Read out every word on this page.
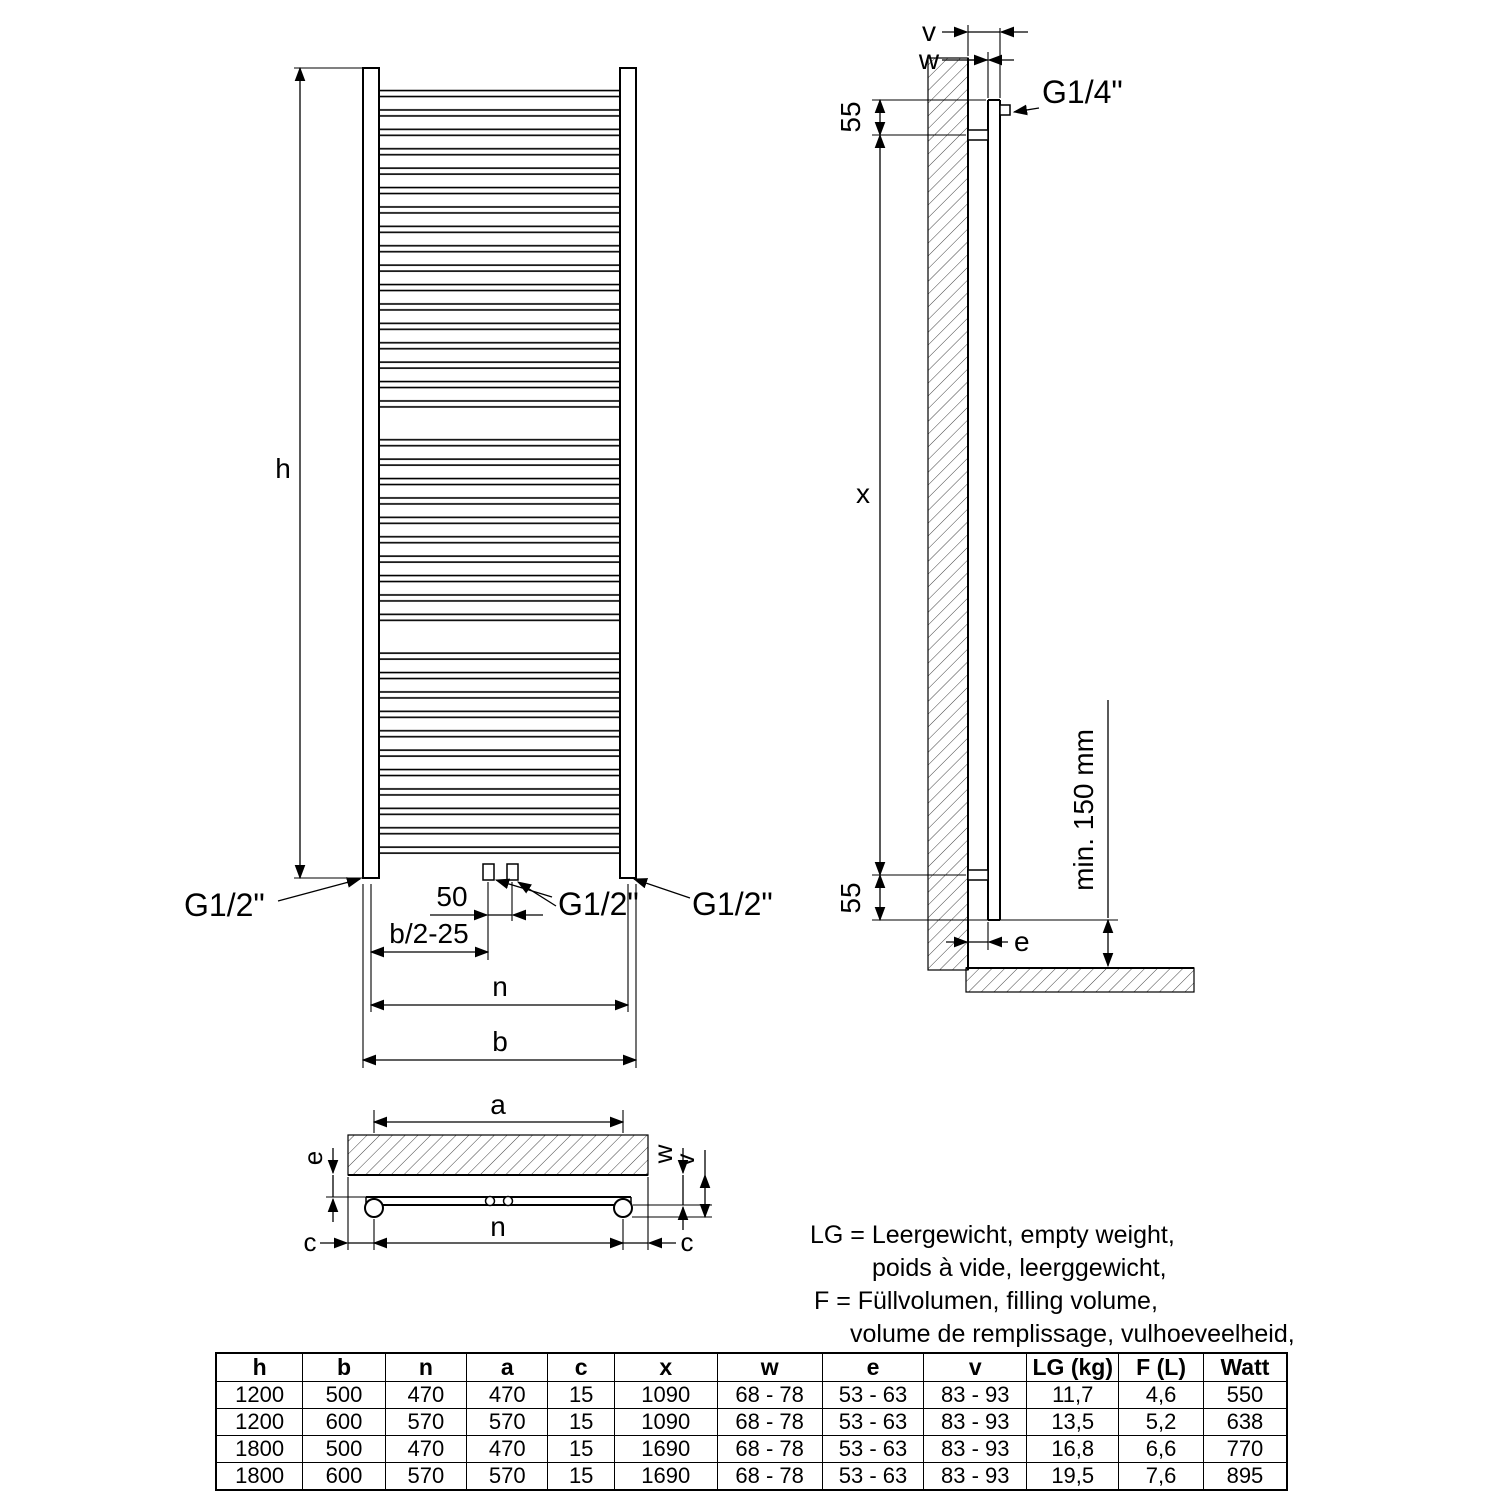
h
G1/2"	50	G1/2" G1/2"
b/2-25
n
b
v
w
G1/4"
55
x
55
e
min. 150 mm
a
e	w
v
c	n	c	LG = Leergewicht, empty weight,
poids à vide, leerggewicht,
F = Füllvolumen, filling volume,
volume de remplissage, vulhoeveelheid,
h	b	n	a	c	x	w	e	v	LG (kg)	F (L)	Watt
1200	500	470	470	15	1090	68 - 78	53 - 63	83 - 93	11,7	4,6	550
1200	600	570	570	15	1090	68 - 78	53 - 63	83 - 93	13,5	5,2	638
1800	500	470	470	15	1690	68 - 78	53 - 63	83 - 93	16,8	6,6	770
1800	600	570	570	15	1690	68 - 78	53 - 63	83 - 93	19,5	7,6	895
